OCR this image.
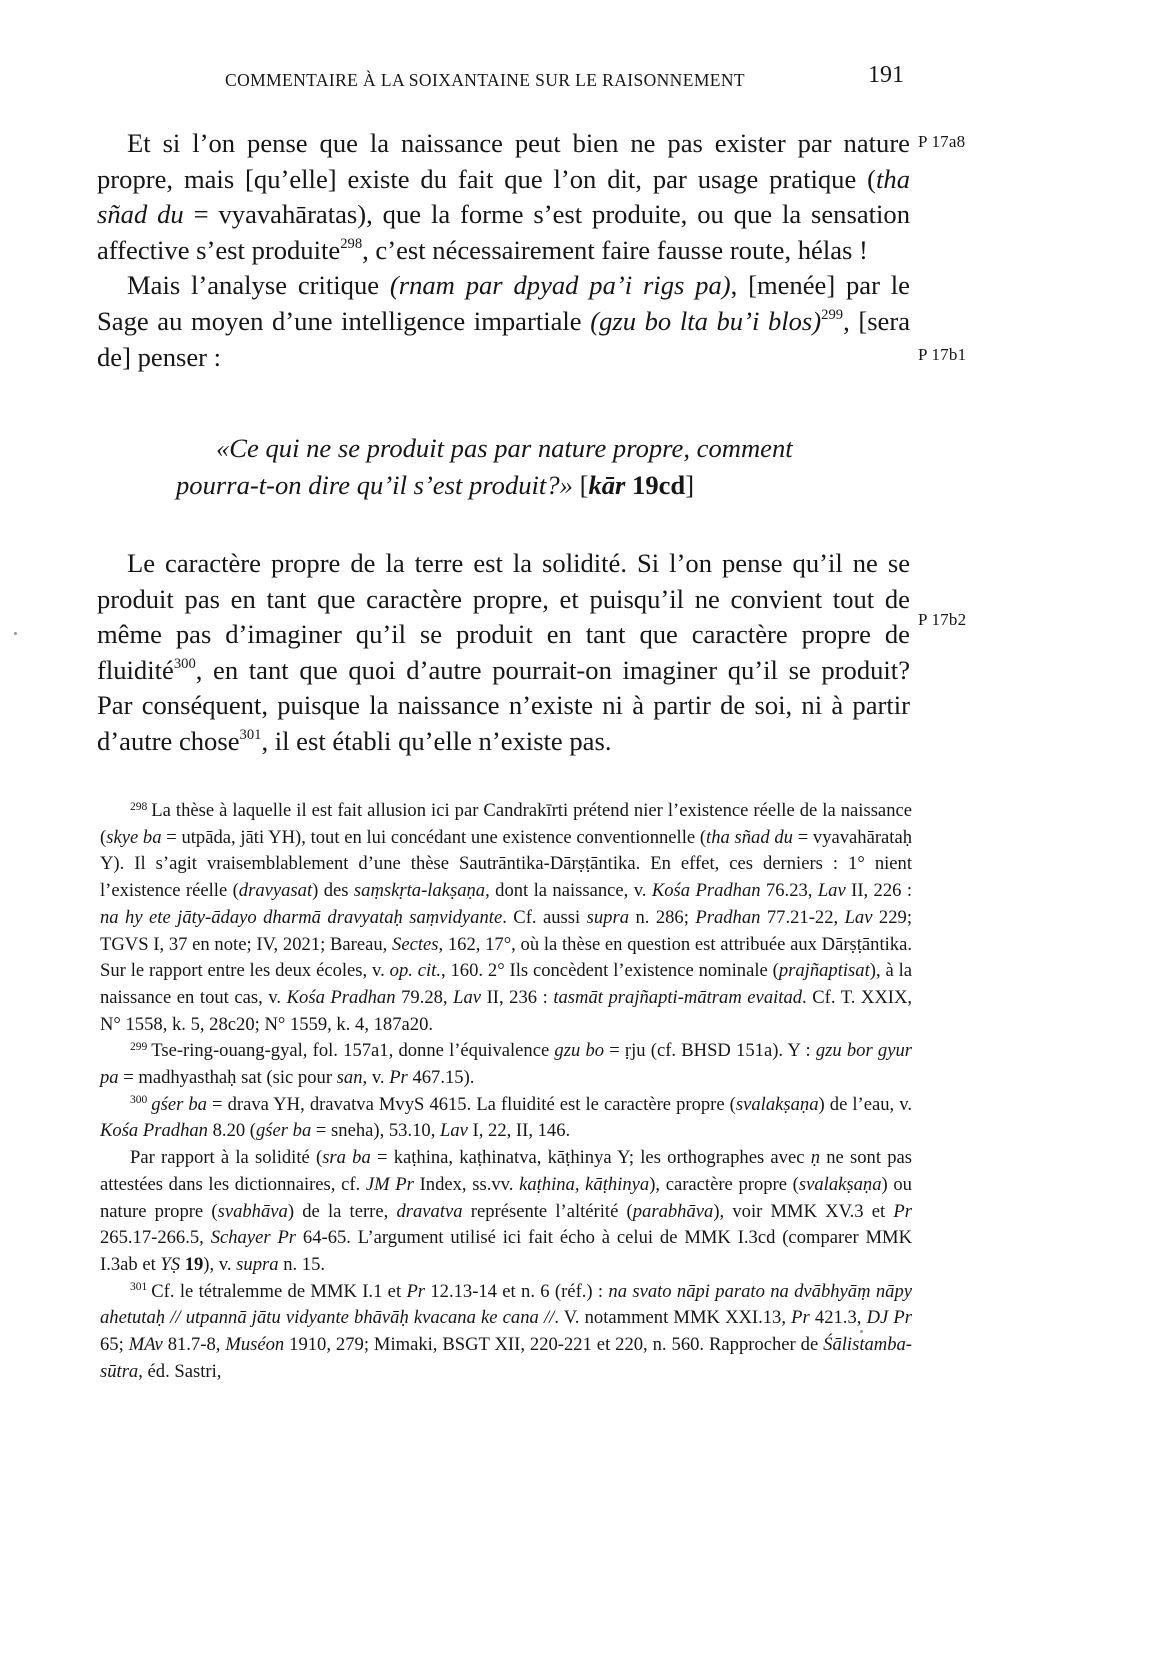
COMMENTAIRE À LA SOIXANTAINE SUR LE RAISONNEMENT	191

Et si l’on pense que la naissance peut bien ne pas exister par nature propre, mais [qu’elle] existe du fait que l’on dit, par usage pratique (tha sñad du = vyavahāratas), que la forme s’est produite, ou que la sensation affective s’est produite$^{298}$, c’est nécessairement faire fausse route, hélas !

Mais l’analyse critique (rnam par dpyad pa’i rigs pa), [menée] par le Sage au moyen d’une intelligence impartiale (gzu bo lta bu’i blos)$^{299}$, [sera de] penser :

P 17a8
P 17b1
P 17b2
«Ce qui ne se produit pas par nature propre, comment
pourra-t-on dire qu’il s’est produit?» [kār 19cd]

Le caractère propre de la terre est la solidité. Si l’on pense qu’il ne se produit pas en tant que caractère propre, et puisqu’il ne convient tout de même pas d’imaginer qu’il se produit en tant que caractère propre de fluidité$^{300}$, en tant que quoi d’autre pourrait-on imaginer qu’il se produit? Par conséquent, puisque la naissance n’existe ni à partir de soi, ni à partir d’autre chose$^{301}$, il est établi qu’elle n’existe pas.

$^{298}$ La thèse à laquelle il est fait allusion ici par Candrakīrti prétend nier l’existence réelle de la naissance (skye ba = utpāda, jāti YH), tout en lui concédant une existence conventionnelle (tha sñad du = vyavahārataḥ Y). Il s’agit vraisemblablement d’une thèse Sautrāntika-Dārṣṭāntika. En effet, ces derniers : 1° nient l’existence réelle (dravyasat) des saṃskṛta-lakṣaṇa, dont la naissance, v. Kośa Pradhan 76.23, Lav II, 226 : na hy ete jāty-ādayo dharmā dravyataḥ saṃvidyante. Cf. aussi supra n. 286; Pradhan 77.21-22, Lav 229; TGVS I, 37 en note; IV, 2021; Bareau, Sectes, 162, 17°, où la thèse en question est attribuée aux Dārṣṭāntika. Sur le rapport entre les deux écoles, v. op. cit., 160. 2° Ils concèdent l’existence nominale (prajñaptisat), à la naissance en tout cas, v. Kośa Pradhan 79.28, Lav II, 236 : tasmāt prajñapti-mātram evaitad. Cf. T. XXIX, N° 1558, k. 5, 28c20; N° 1559, k. 4, 187a20.

$^{299}$ Tse-ring-ouang-gyal, fol. 157a1, donne l’équivalence gzu bo = ṛju (cf. BHSD 151a). Y : gzu bor gyur pa = madhyasthaḥ sat (sic pour san, v. Pr 467.15).

$^{300}$ gśer ba = drava YH, dravatva MvyS 4615. La fluidité est le caractère propre (svalakṣaṇa) de l’eau, v. Kośa Pradhan 8.20 (gśer ba = sneha), 53.10, Lav I, 22, II, 146.

Par rapport à la solidité (sra ba = kaṭhina, kaṭhinatva, kāṭhinya Y; les orthographes avec ṇ ne sont pas attestées dans les dictionnaires, cf. JM Pr Index, ss.vv. kaṭhina, kāṭhinya), caractère propre (svalakṣaṇa) ou nature propre (svabhāva) de la terre, dravatva représente l’altérité (parabhāva), voir MMK XV.3 et Pr 265.17-266.5, Schayer Pr 64-65. L’argument utilisé ici fait écho à celui de MMK I.3cd (comparer MMK I.3ab et YṢ 19), v. supra n. 15.

$^{301}$ Cf. le tétralemme de MMK I.1 et Pr 12.13-14 et n. 6 (réf.) : na svato nāpi parato na dvābhyāṃ nāpy ahetutaḥ // utpannā jātu vidyante bhāvāḥ kvacana ke cana //. V. notamment MMK XXI.13, Pr 421.3, DJ Pr 65; MAv 81.7-8, Muséon 1910, 279; Mimaki, BSGT XII, 220-221 et 220, n. 560. Rapprocher de Śālistamba-sūtra, éd. Sastri,
